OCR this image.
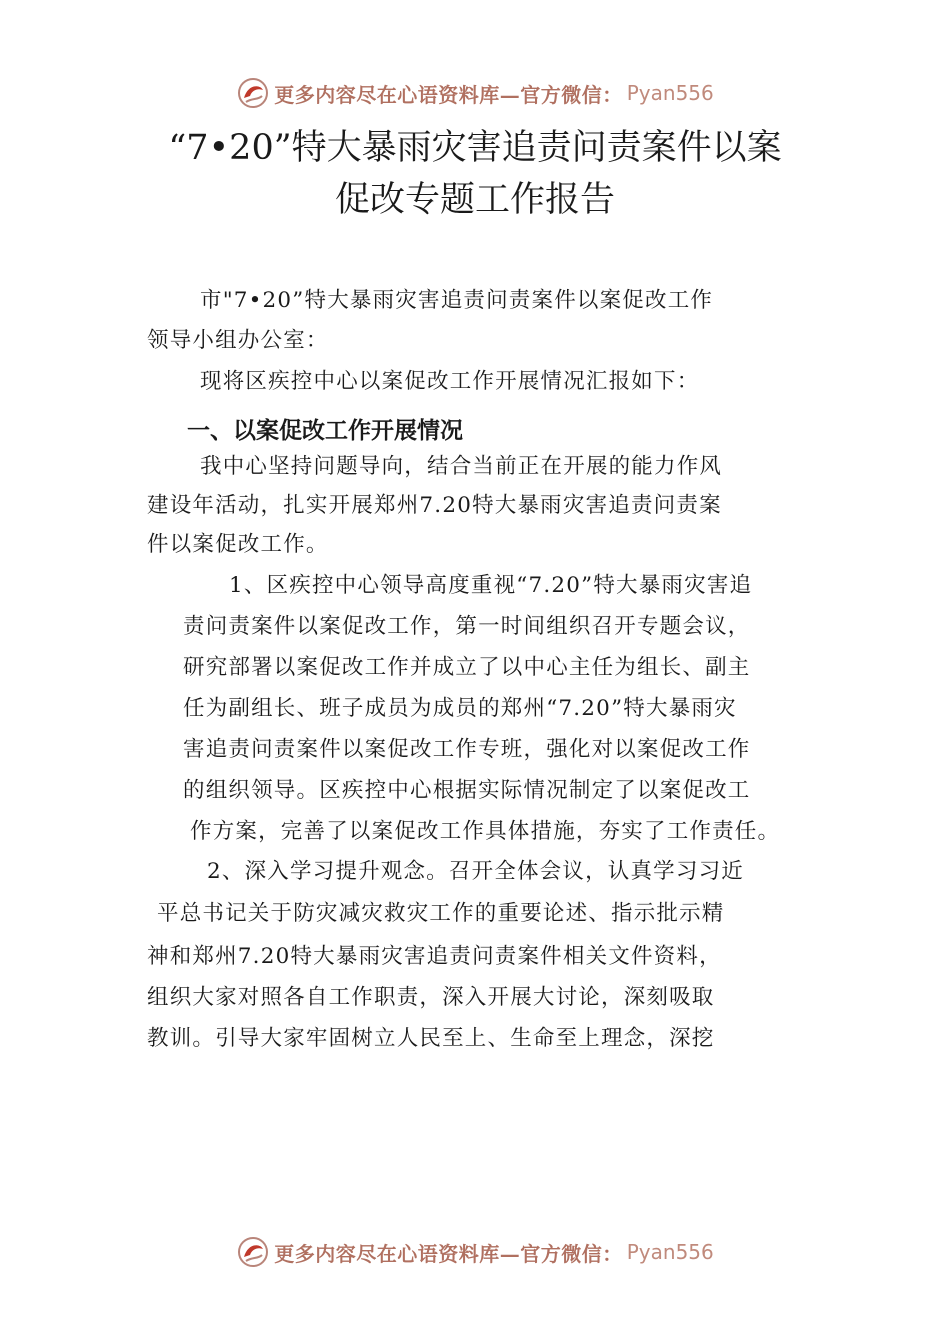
更多内容尽在心语资料库—官方微信： Pyan556
“7•20”特大暴雨灾害追责问责案件以案
促改专题工作报告
市"7•20”特大暴雨灾害追责问责案件以案促改工作
领导小组办公室：
现将区疾控中心以案促改工作开展情况汇报如下：
一、以案促改工作开展情况
我中心坚持问题导向，结合当前正在开展的能力作风
建设年活动，扎实开展郑州7.20特大暴雨灾害追责问责案
件以案促改工作。
1、区疾控中心领导高度重视“7.20”特大暴雨灾害追
责问责案件以案促改工作，第一时间组织召开专题会议，
研究部署以案促改工作并成立了以中心主任为组长、副主
任为副组长、班子成员为成员的郑州“7.20”特大暴雨灾
害追责问责案件以案促改工作专班，强化对以案促改工作
的组织领导。区疾控中心根据实际情况制定了以案促改工
作方案，完善了以案促改工作具体措施，夯实了工作责任。
2、深入学习提升观念。召开全体会议，认真学习习近
平总书记关于防灾减灾救灾工作的重要论述、指示批示精
神和郑州7.20特大暴雨灾害追责问责案件相关文件资料，
组织大家对照各自工作职责，深入开展大讨论，深刻吸取
教训。引导大家牢固树立人民至上、生命至上理念，深挖
更多内容尽在心语资料库—官方微信： Pyan556
